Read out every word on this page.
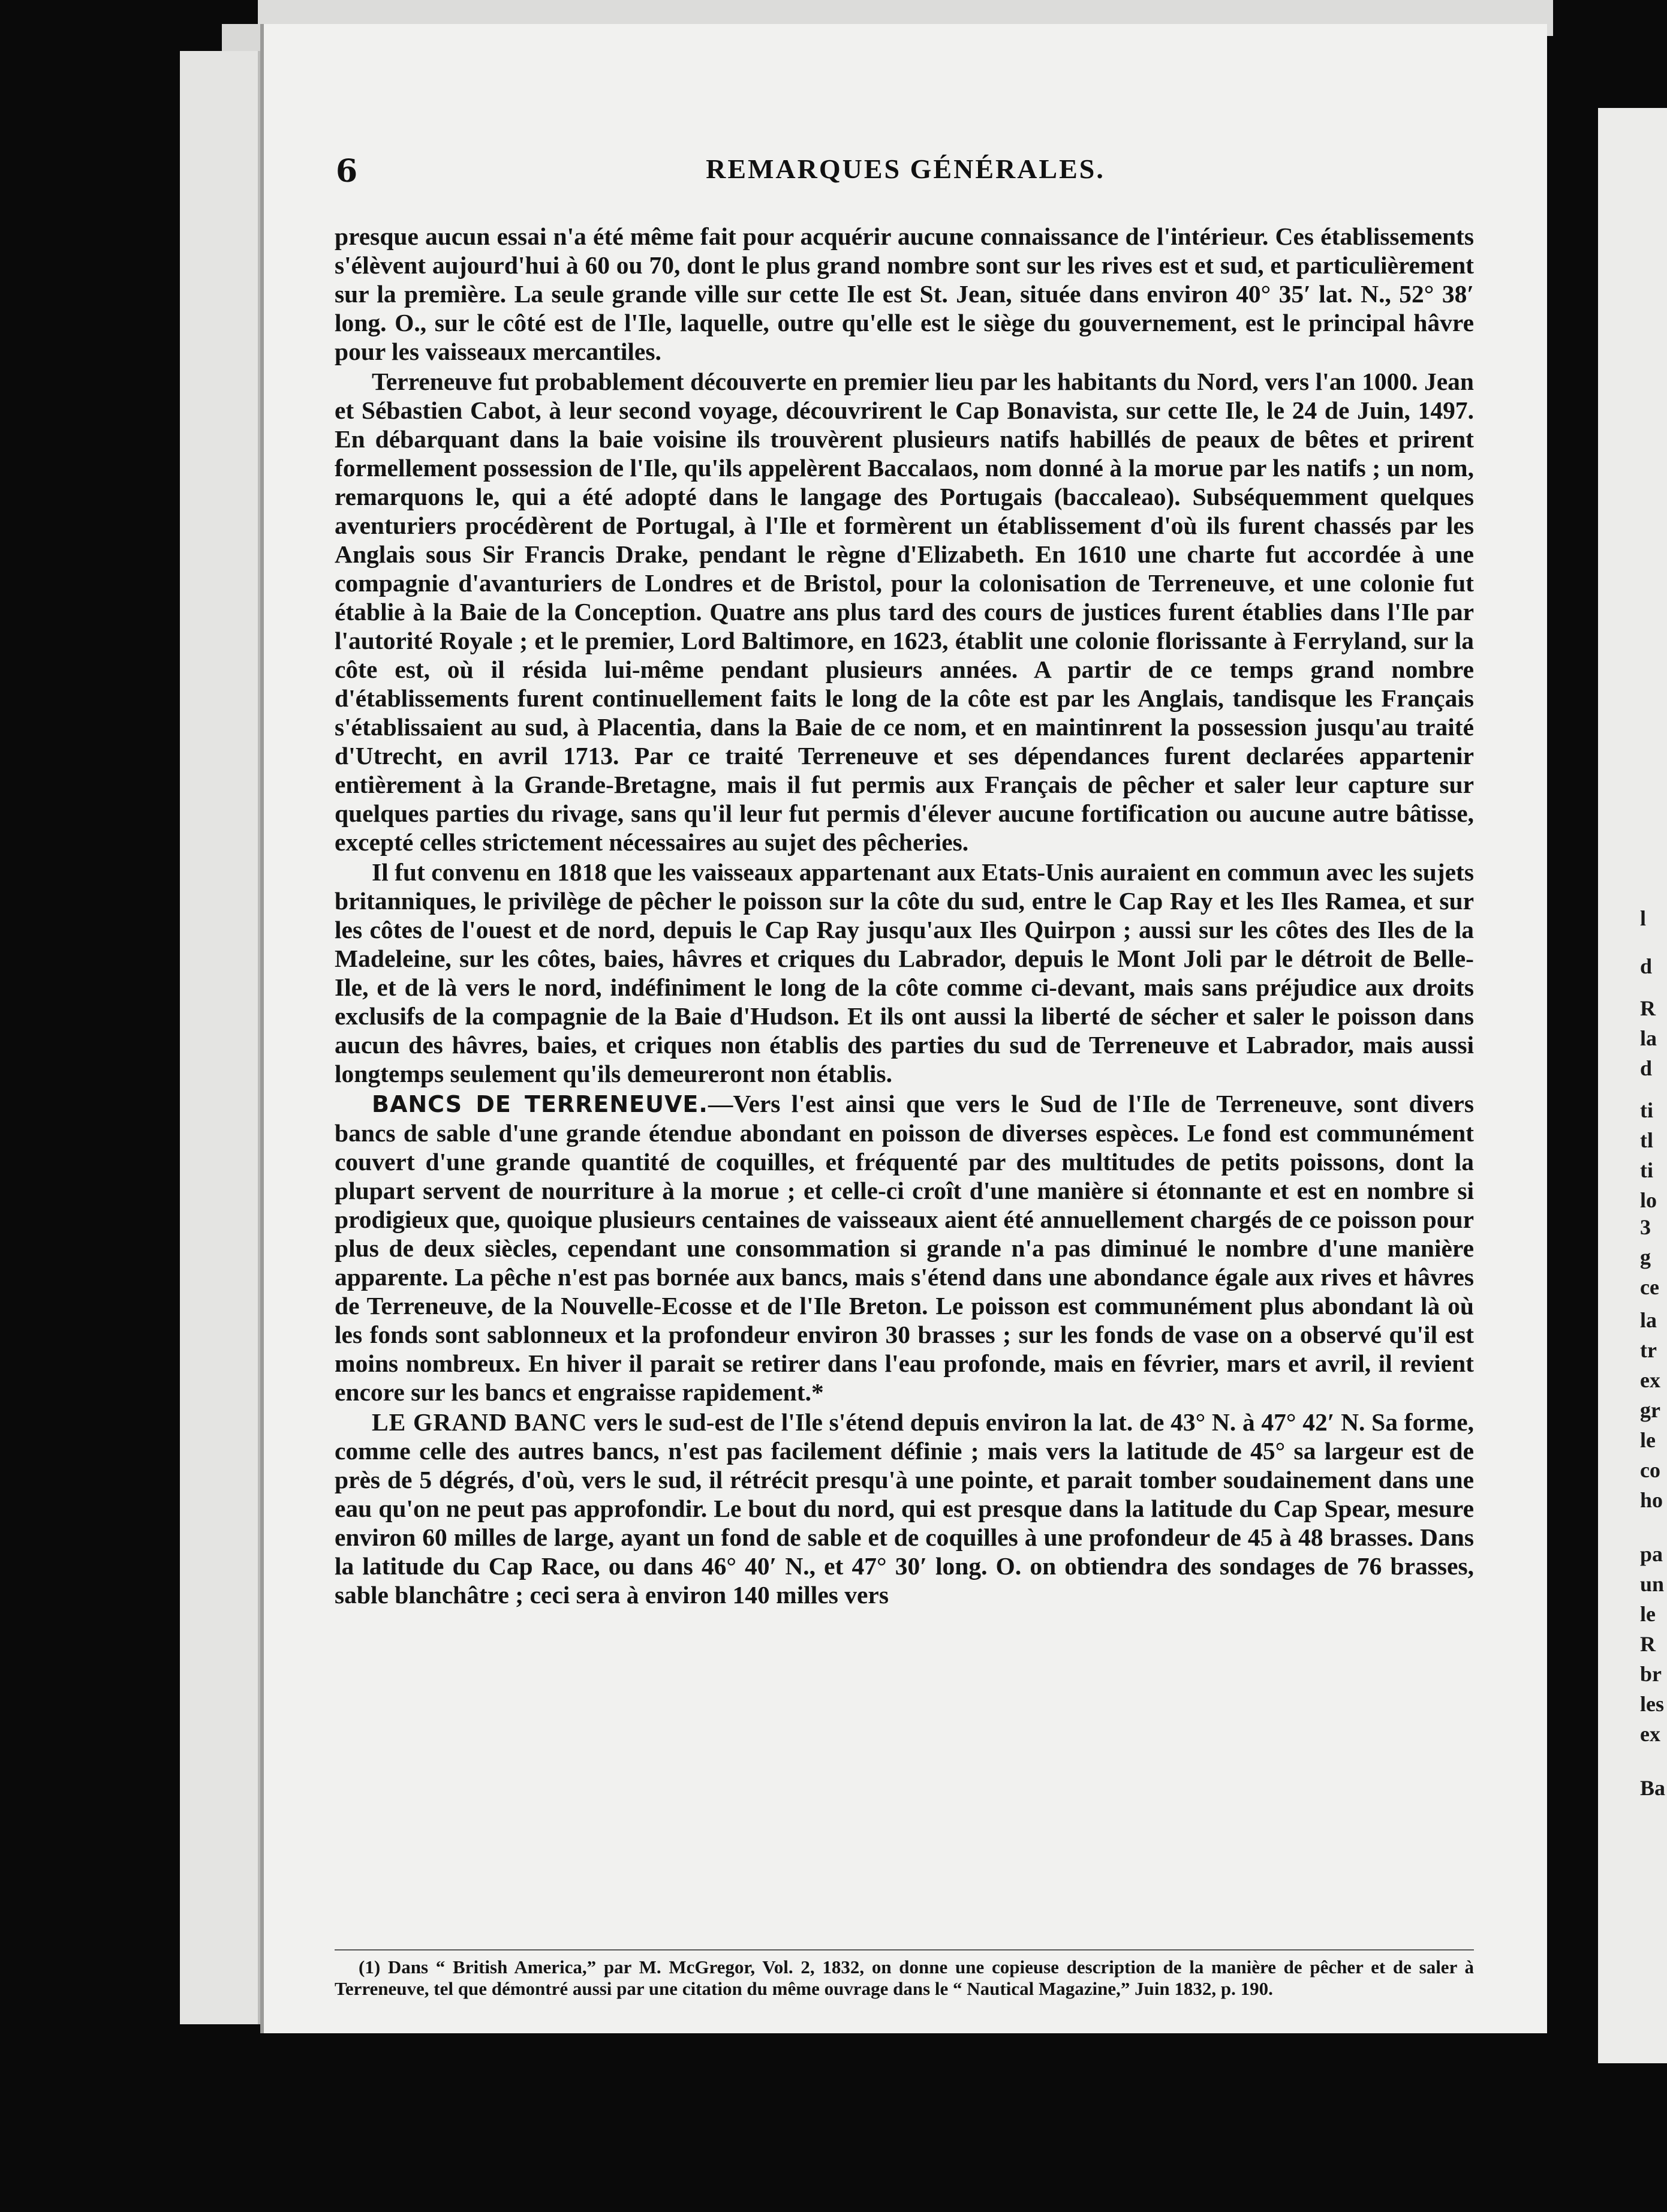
6	REMARQUES GÉNÉRALES.

presque aucun essai n'a été même fait pour acquérir aucune connaissance de l'intérieur. Ces établissements s'élèvent aujourd'hui à 60 ou 70, dont le plus grand nombre sont sur les rives est et sud, et particulièrement sur la première. La seule grande ville sur cette Ile est St. Jean, située dans environ 40° 35′ lat. N., 52° 38′ long. O., sur le côté est de l'Ile, laquelle, outre qu'elle est le siège du gouvernement, est le principal hâvre pour les vaisseaux mercantiles.

Terreneuve fut probablement découverte en premier lieu par les habitants du Nord, vers l'an 1000. Jean et Sébastien Cabot, à leur second voyage, découvrirent le Cap Bonavista, sur cette Ile, le 24 de Juin, 1497. En débarquant dans la baie voisine ils trouvèrent plusieurs natifs habillés de peaux de bêtes et prirent formellement possession de l'Ile, qu'ils appelèrent Baccalaos, nom donné à la morue par les natifs ; un nom, remarquons le, qui a été adopté dans le langage des Portugais (baccaleao). Subséquemment quelques aventuriers procédèrent de Portugal, à l'Ile et formèrent un établissement d'où ils furent chassés par les Anglais sous Sir Francis Drake, pendant le règne d'Elizabeth. En 1610 une charte fut accordée à une compagnie d'avanturiers de Londres et de Bristol, pour la colonisation de Terreneuve, et une colonie fut établie à la Baie de la Conception. Quatre ans plus tard des cours de justices furent établies dans l'Ile par l'autorité Royale ; et le premier, Lord Baltimore, en 1623, établit une colonie florissante à Ferryland, sur la côte est, où il résida lui-même pendant plusieurs années. A partir de ce temps grand nombre d'établissements furent continuellement faits le long de la côte est par les Anglais, tandisque les Français s'établissaient au sud, à Placentia, dans la Baie de ce nom, et en maintinrent la possession jusqu'au traité d'Utrecht, en avril 1713. Par ce traité Terreneuve et ses dépendances furent declarées appartenir entièrement à la Grande-Bretagne, mais il fut permis aux Français de pêcher et saler leur capture sur quelques parties du rivage, sans qu'il leur fut permis d'élever aucune fortification ou aucune autre bâtisse, excepté celles strictement nécessaires au sujet des pêcheries.

Il fut convenu en 1818 que les vaisseaux appartenant aux Etats-Unis auraient en commun avec les sujets britanniques, le privilège de pêcher le poisson sur la côte du sud, entre le Cap Ray et les Iles Ramea, et sur les côtes de l'ouest et de nord, depuis le Cap Ray jusqu'aux Iles Quirpon ; aussi sur les côtes des Iles de la Madeleine, sur les côtes, baies, hâvres et criques du Labrador, depuis le Mont Joli par le détroit de Belle-Ile, et de là vers le nord, indéfiniment le long de la côte comme ci-devant, mais sans préjudice aux droits exclusifs de la compagnie de la Baie d'Hudson. Et ils ont aussi la liberté de sécher et saler le poisson dans aucun des hâvres, baies, et criques non établis des parties du sud de Terreneuve et Labrador, mais aussi longtemps seulement qu'ils demeureront non établis.

BANCS DE TERRENEUVE.—Vers l'est ainsi que vers le Sud de l'Ile de Terreneuve, sont divers bancs de sable d'une grande étendue abondant en poisson de diverses espèces. Le fond est communément couvert d'une grande quantité de coquilles, et fréquenté par des multitudes de petits poissons, dont la plupart servent de nourriture à la morue ; et celle-ci croît d'une manière si étonnante et est en nombre si prodigieux que, quoique plusieurs centaines de vaisseaux aient été annuellement chargés de ce poisson pour plus de deux siècles, cependant une consommation si grande n'a pas diminué le nombre d'une manière apparente. La pêche n'est pas bornée aux bancs, mais s'étend dans une abondance égale aux rives et hâvres de Terreneuve, de la Nouvelle-Ecosse et de l'Ile Breton. Le poisson est communément plus abondant là où les fonds sont sablonneux et la profondeur environ 30 brasses ; sur les fonds de vase on a observé qu'il est moins nombreux. En hiver il parait se retirer dans l'eau profonde, mais en février, mars et avril, il revient encore sur les bancs et engraisse rapidement.*

LE GRAND BANC vers le sud-est de l'Ile s'étend depuis environ la lat. de 43° N. à 47° 42′ N. Sa forme, comme celle des autres bancs, n'est pas facilement définie ; mais vers la latitude de 45° sa largeur est de près de 5 dégrés, d'où, vers le sud, il rétrécit presqu'à une pointe, et parait tomber soudainement dans une eau qu'on ne peut pas approfondir. Le bout du nord, qui est presque dans la latitude du Cap Spear, mesure environ 60 milles de large, ayant un fond de sable et de coquilles à une profondeur de 45 à 48 brasses. Dans la latitude du Cap Race, ou dans 46° 40′ N., et 47° 30′ long. O. on obtiendra des sondages de 76 brasses, sable blanchâtre ; ceci sera à environ 140 milles vers

(1) Dans “ British America,” par M. McGregor, Vol. 2, 1832, on donne une copieuse description de la manière de pêcher et de saler à Terreneuve, tel que démontré aussi par une citation du même ouvrage dans le “ Nautical Magazine,” Juin 1832, p. 190.

l
d
R
la
d
ti
tl
ti
lo
3
g
ce
la
tr
ex
gr
le
co
ho
pa
un
le
R
br
les
ex
Ba
